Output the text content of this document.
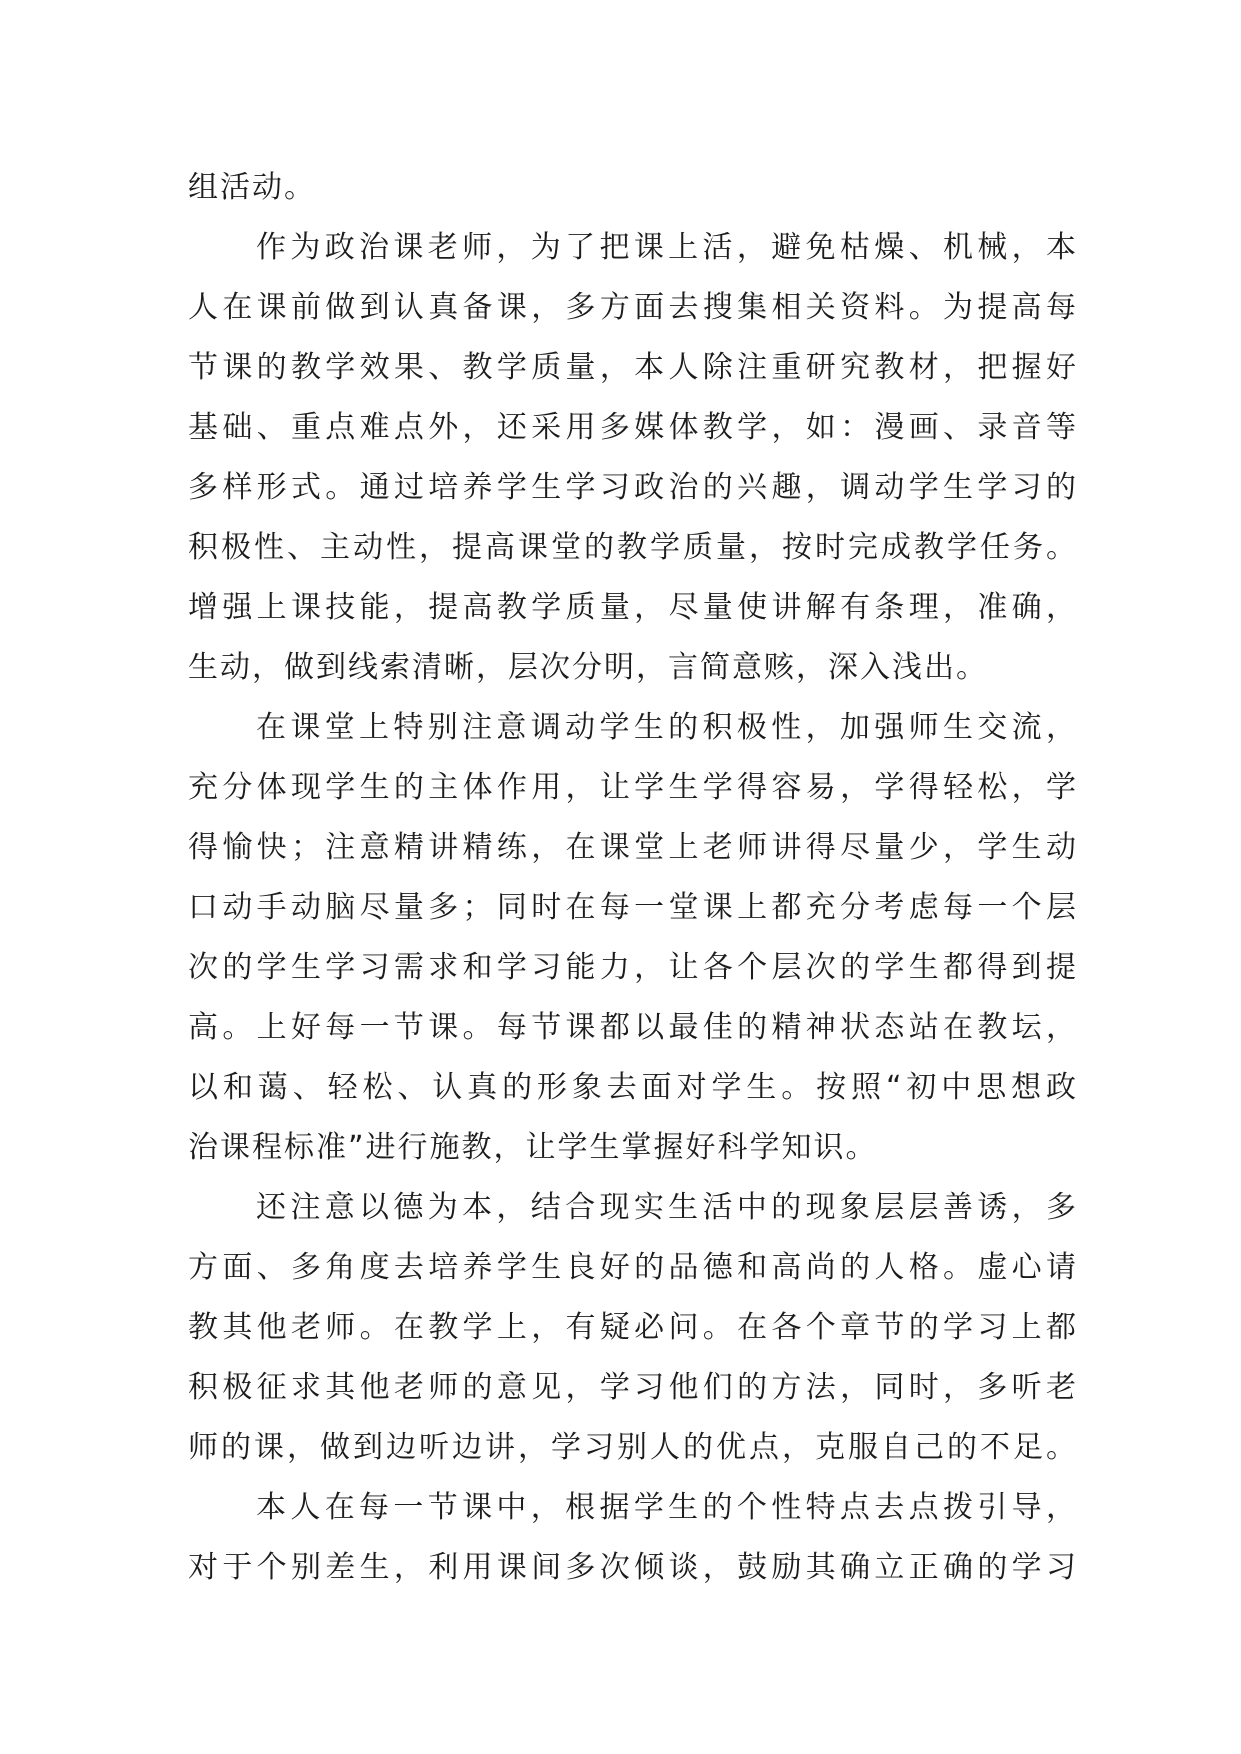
组活动。
作为政治课老师，为了把课上活，避免枯燥、机械，本
人在课前做到认真备课，多方面去搜集相关资料。为提高每
节课的教学效果、教学质量，本人除注重研究教材，把握好
基础、重点难点外，还采用多媒体教学，如：漫画、录音等
多样形式。通过培养学生学习政治的兴趣，调动学生学习的
积极性、主动性，提高课堂的教学质量，按时完成教学任务。
增强上课技能，提高教学质量，尽量使讲解有条理，准确，
生动，做到线索清晰，层次分明，言简意赅，深入浅出。
在课堂上特别注意调动学生的积极性，加强师生交流，
充分体现学生的主体作用，让学生学得容易，学得轻松，学
得愉快；注意精讲精练，在课堂上老师讲得尽量少，学生动
口动手动脑尽量多；同时在每一堂课上都充分考虑每一个层
次的学生学习需求和学习能力，让各个层次的学生都得到提
高。上好每一节课。每节课都以最佳的精神状态站在教坛，
以和蔼、轻松、认真的形象去面对学生。按照“初中思想政
治课程标准”进行施教，让学生掌握好科学知识。
还注意以德为本，结合现实生活中的现象层层善诱，多
方面、多角度去培养学生良好的品德和高尚的人格。虚心请
教其他老师。在教学上，有疑必问。在各个章节的学习上都
积极征求其他老师的意见，学习他们的方法，同时，多听老
师的课，做到边听边讲，学习别人的优点，克服自己的不足。
本人在每一节课中，根据学生的个性特点去点拨引导，
对于个别差生，利用课间多次倾谈，鼓励其确立正确的学习
